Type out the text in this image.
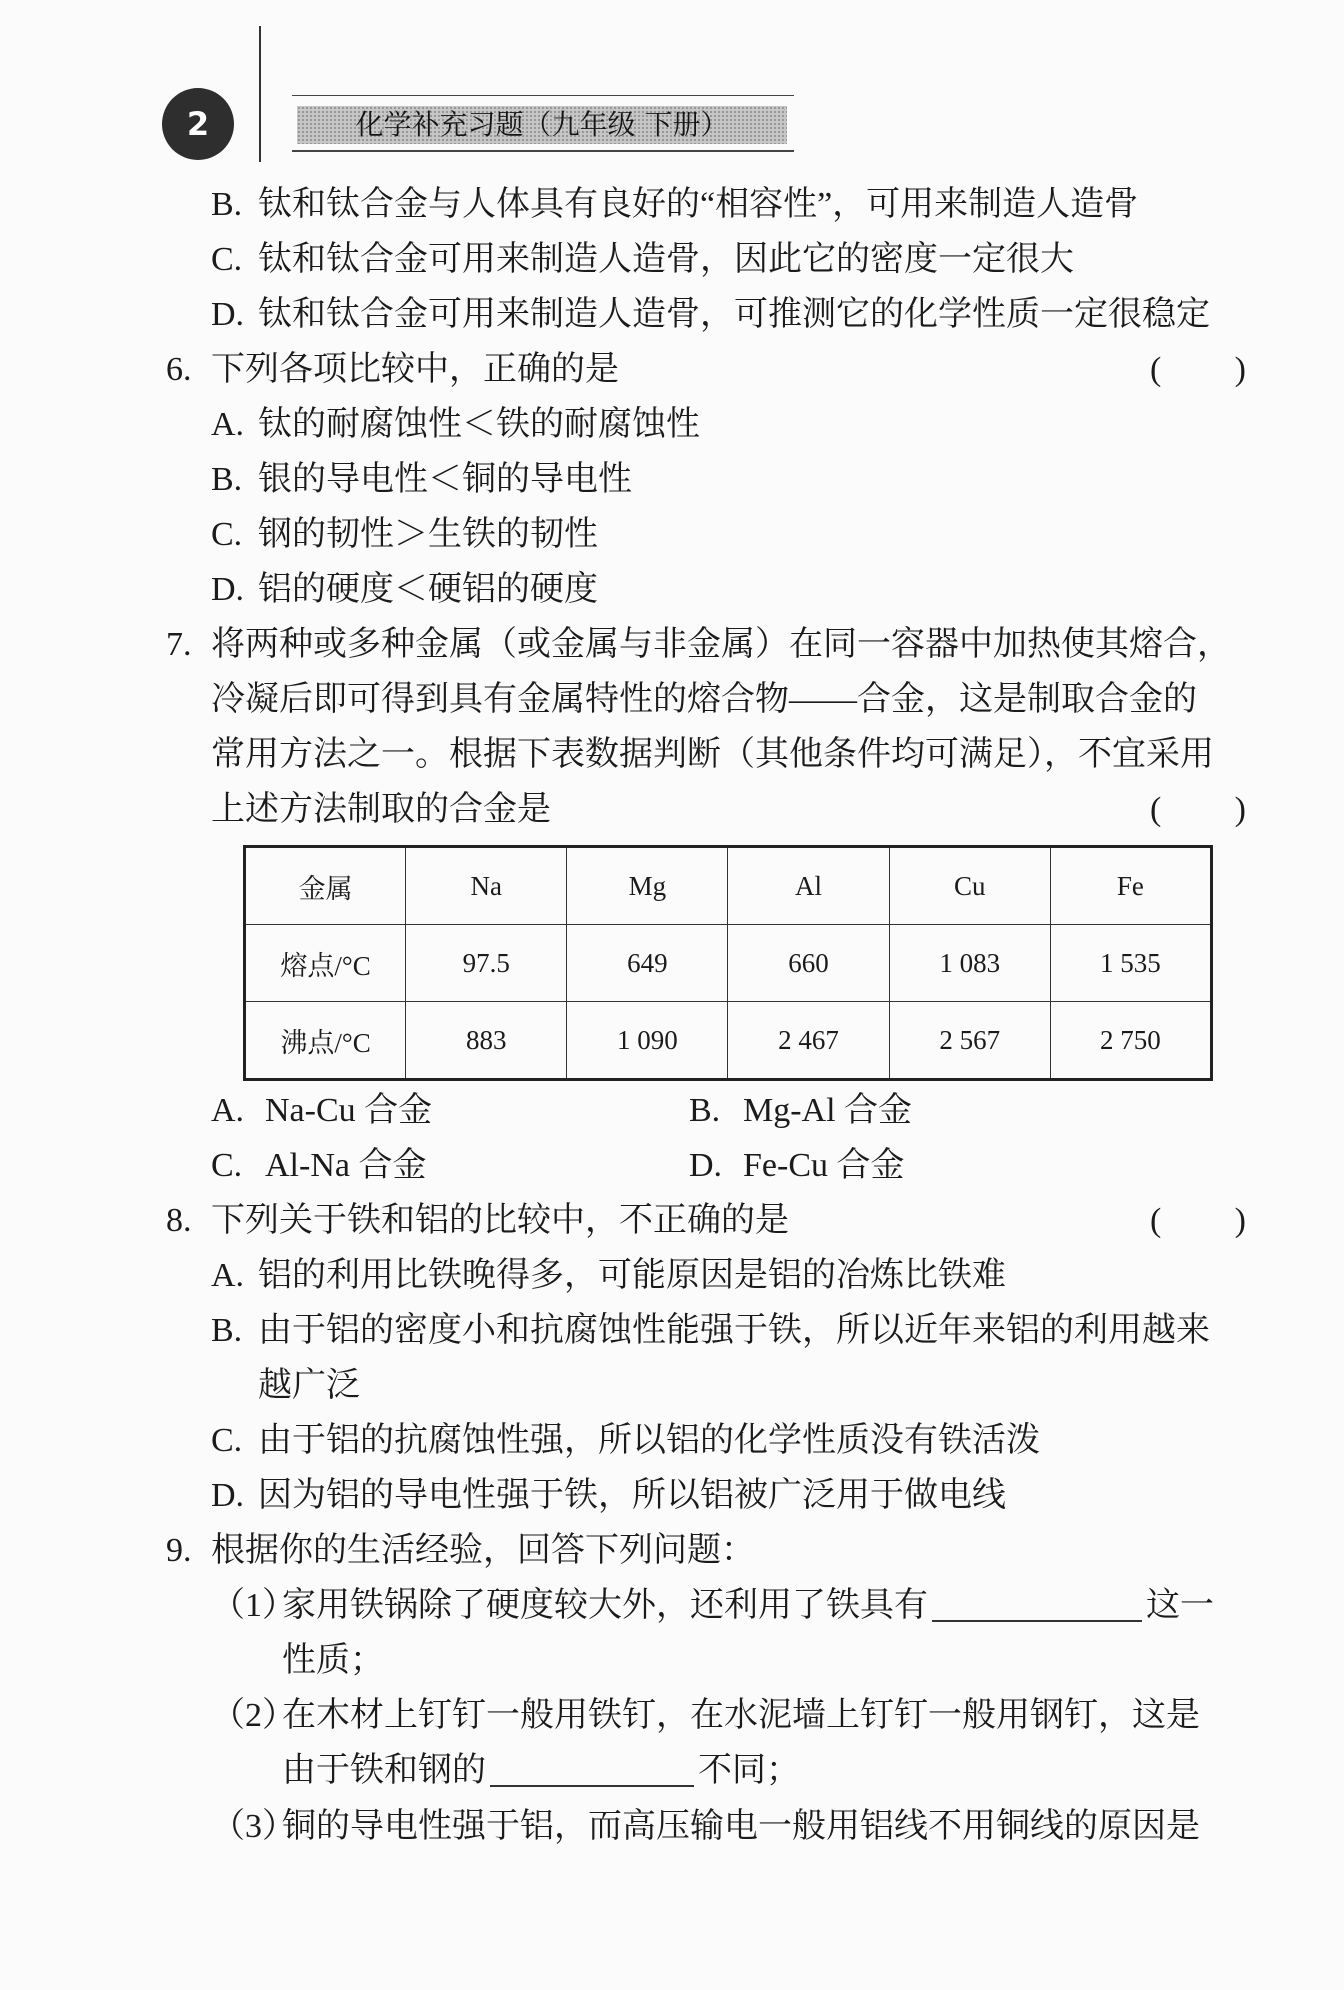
2	化学补充习题（九年级 下册）
B. 钛和钛合金与人体具有良好的“相容性”，可用来制造人造骨
C. 钛和钛合金可用来制造人造骨，因此它的密度一定很大
D. 钛和钛合金可用来制造人造骨，可推测它的化学性质一定很稳定
6. 下列各项比较中，正确的是	( )
A. 钛的耐腐蚀性＜铁的耐腐蚀性
B. 银的导电性＜铜的导电性
C. 钢的韧性＞生铁的韧性
D. 铝的硬度＜硬铝的硬度
7. 将两种或多种金属（或金属与非金属）在同一容器中加热使其熔合，
冷凝后即可得到具有金属特性的熔合物——合金，这是制取合金的
常用方法之一。根据下表数据判断（其他条件均可满足），不宜采用
上述方法制取的合金是	( )
金属	Na	Mg	Al	Cu	Fe
熔点/°C	97.5	649	660	1 083	1 535
沸点/°C	883	1 090	2 467	2 567	2 750
A. Na-Cu 合金	B. Mg-Al 合金
C. Al-Na 合金	D. Fe-Cu 合金
8. 下列关于铁和铝的比较中，不正确的是	( )
A. 铝的利用比铁晚得多，可能原因是铝的冶炼比铁难
B. 由于铝的密度小和抗腐蚀性能强于铁，所以近年来铝的利用越来
越广泛
C. 由于铝的抗腐蚀性强，所以铝的化学性质没有铁活泼
D. 因为铝的导电性强于铁，所以铝被广泛用于做电线
9. 根据你的生活经验，回答下列问题：
（1）家用铁锅除了硬度较大外，还利用了铁具有	这一
性质；
（2）在木材上钉钉一般用铁钉，在水泥墙上钉钉一般用钢钉，这是
由于铁和钢的	不同；
（3）铜的导电性强于铝，而高压输电一般用铝线不用铜线的原因是
